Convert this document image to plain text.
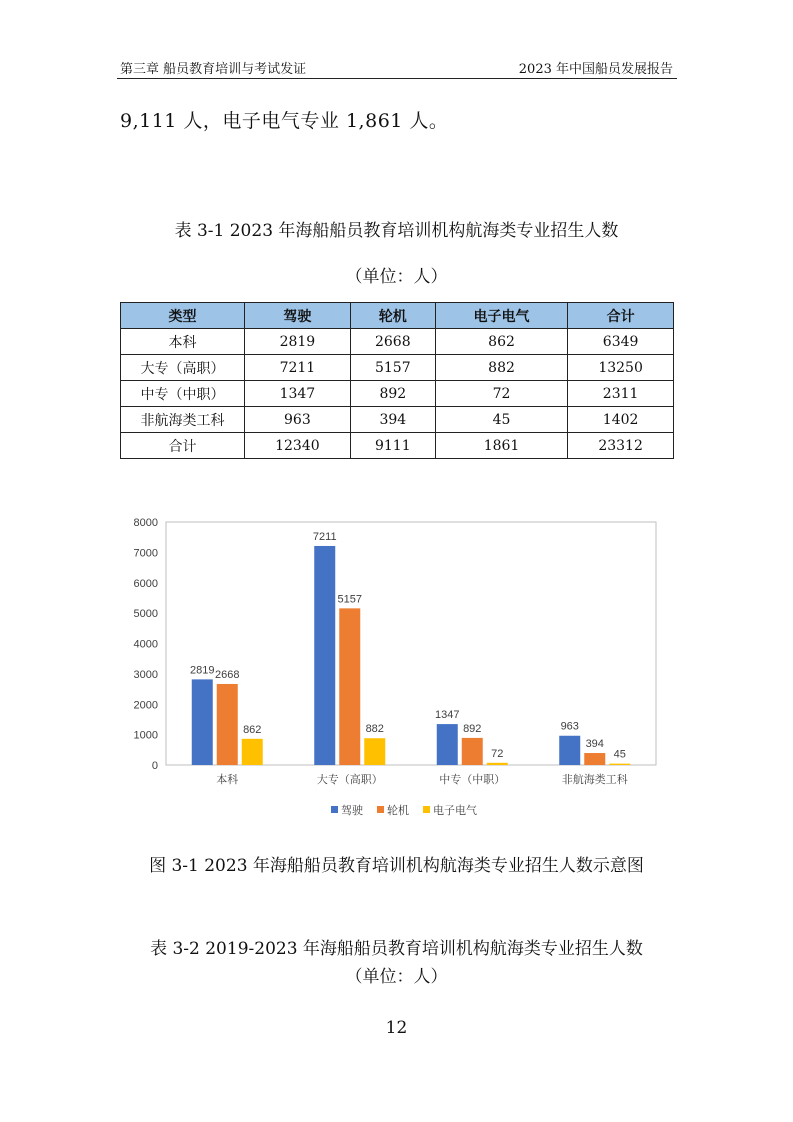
第三章 船员教育培训与考试发证	2023 年中国船员发展报告
9,111 人，电子电气专业 1,861 人。
表 3-1 2023 年海船船员教育培训机构航海类专业招生人数
（单位：人）
类型	驾驶	轮机	电子电气	合计
本科	2819	2668	862	6349
大专（高职）	7211	5157	882	13250
中专（中职）	1347	892	72	2311
非航海类工科	963	394	45	1402
合计	12340	9111	1861	23312
0
1000
2000
3000
4000
5000
6000
7000
8000
本科
2819 2668
862
大专（高职）
7211
5157
882
中专（中职）
1347
892
72
非航海类工科
963
394
45
驾驶 轮机 电子电气
图 3-1 2023 年海船船员教育培训机构航海类专业招生人数示意图
表 3-2 2019-2023 年海船船员教育培训机构航海类专业招生人数
（单位：人）
12
